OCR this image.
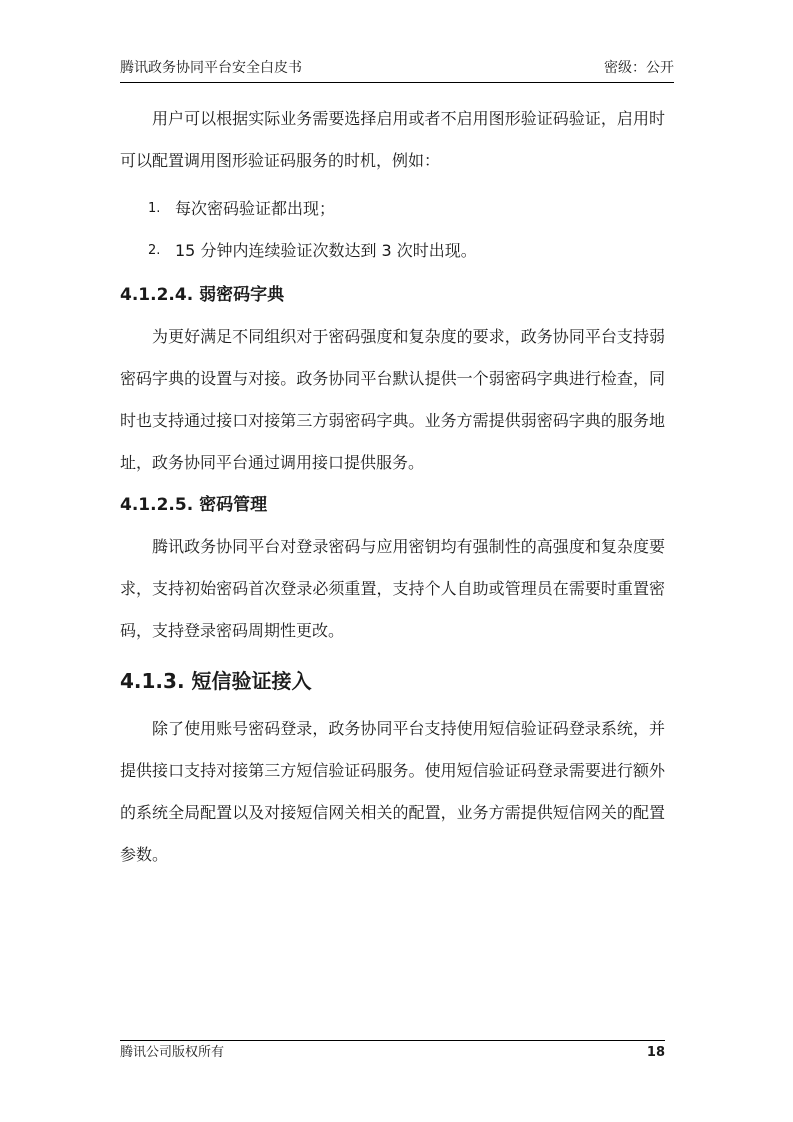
腾讯政务协同平台安全白皮书	密级：公开

用户可以根据实际业务需要选择启用或者不启用图形验证码验证，启用时可以配置调用图形验证码服务的时机，例如：

1. 每次密码验证都出现；
2. 15 分钟内连续验证次数达到 3 次时出现。
4.1.2.4. 弱密码字典

为更好满足不同组织对于密码强度和复杂度的要求，政务协同平台支持弱密码字典的设置与对接。政务协同平台默认提供一个弱密码字典进行检查，同时也支持通过接口对接第三方弱密码字典。业务方需提供弱密码字典的服务地址，政务协同平台通过调用接口提供服务。

4.1.2.5. 密码管理

腾讯政务协同平台对登录密码与应用密钥均有强制性的高强度和复杂度要求，支持初始密码首次登录必须重置，支持个人自助或管理员在需要时重置密码，支持登录密码周期性更改。

4.1.3. 短信验证接入

除了使用账号密码登录，政务协同平台支持使用短信验证码登录系统，并提供接口支持对接第三方短信验证码服务。使用短信验证码登录需要进行额外的系统全局配置以及对接短信网关相关的配置，业务方需提供短信网关的配置参数。

腾讯公司版权所有	18
